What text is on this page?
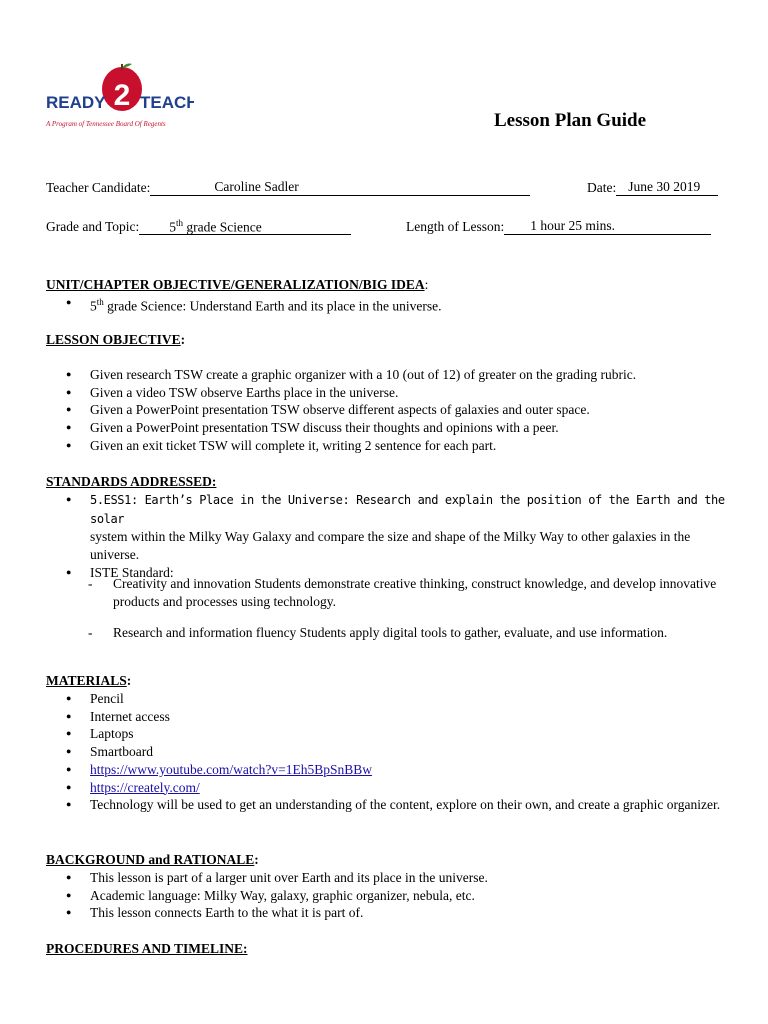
2
READY TEACH
A Program of Tennessee Board Of Regents	Lesson Plan Guide
Teacher Candidate:	Caroline Sadler	Date: June 30 2019
Grade and Topic: 5th grade Science	Length of Lesson: 1 hour 25 mins.
UNIT/CHAPTER OBJECTIVE/GENERALIZATION/BIG IDEA:
● 5th grade Science: Understand Earth and its place in the universe.
LESSON OBJECTIVE:
● Given research TSW create a graphic organizer with a 10 (out of 12) of greater on the grading rubric.
● Given a video TSW observe Earths place in the universe.
● Given a PowerPoint presentation TSW observe different aspects of galaxies and outer space.
● Given a PowerPoint presentation TSW discuss their thoughts and opinions with a peer.
● Given an exit ticket TSW will complete it, writing 2 sentence for each part.
STANDARDS ADDRESSED:
● 5.ESS1: Earth’s Place in the Universe: Research and explain the position of the Earth and the solar
system within the Milky Way Galaxy and compare the size and shape of the Milky Way to other galaxies in the universe.
● ISTE Standard:
-	Creativity and innovation Students demonstrate creative thinking, construct knowledge, and develop innovative products and processes using technology.
-	Research and information fluency Students apply digital tools to gather, evaluate, and use information.
MATERIALS:
● Pencil
● Internet access
● Laptops
● Smartboard
● https://www.youtube.com/watch?v=1Eh5BpSnBBw
● https://creately.com/
● Technology will be used to get an understanding of the content, explore on their own, and create a graphic organizer.
BACKGROUND and RATIONALE:
● This lesson is part of a larger unit over Earth and its place in the universe.
● Academic language: Milky Way, galaxy, graphic organizer, nebula, etc.
● This lesson connects Earth to the what it is part of.
PROCEDURES AND TIMELINE:
